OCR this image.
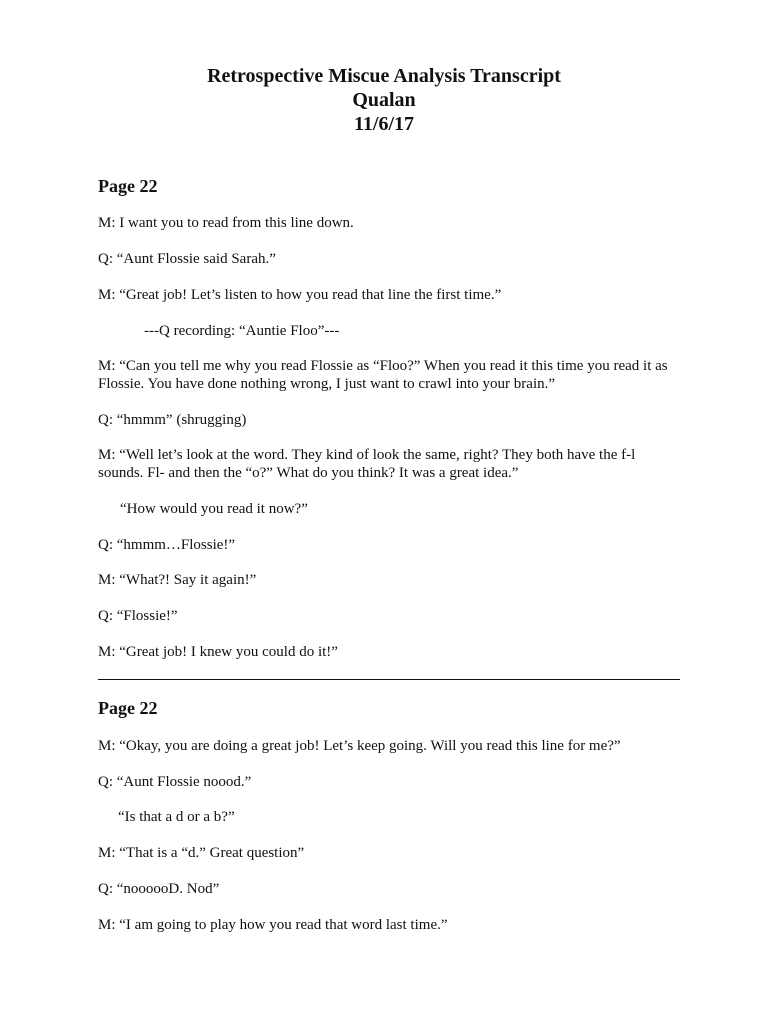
Retrospective Miscue Analysis Transcript
Qualan
11/6/17
Page 22
M: I want you to read from this line down.
Q: “Aunt Flossie said Sarah.”
M: “Great job! Let’s listen to how you read that line the first time.”
---Q recording: “Auntie Floo”---
M: “Can you tell me why you read Flossie as “Floo?” When you read it this time you read it as
Flossie. You have done nothing wrong, I just want to crawl into your brain.”
Q: “hmmm” (shrugging)
M: “Well let’s look at the word. They kind of look the same, right? They both have the f-l
sounds. Fl- and then the “o?” What do you think? It was a great idea.”
“How would you read it now?”
Q: “hmmm…Flossie!”
M: “What?! Say it again!”
Q: “Flossie!”
M: “Great job! I knew you could do it!”
Page 22
M: “Okay, you are doing a great job! Let’s keep going. Will you read this line for me?”
Q: “Aunt Flossie noood.”
“Is that a d or a b?”
M: “That is a “d.” Great question”
Q: “noooooD. Nod”
M: “I am going to play how you read that word last time.”
